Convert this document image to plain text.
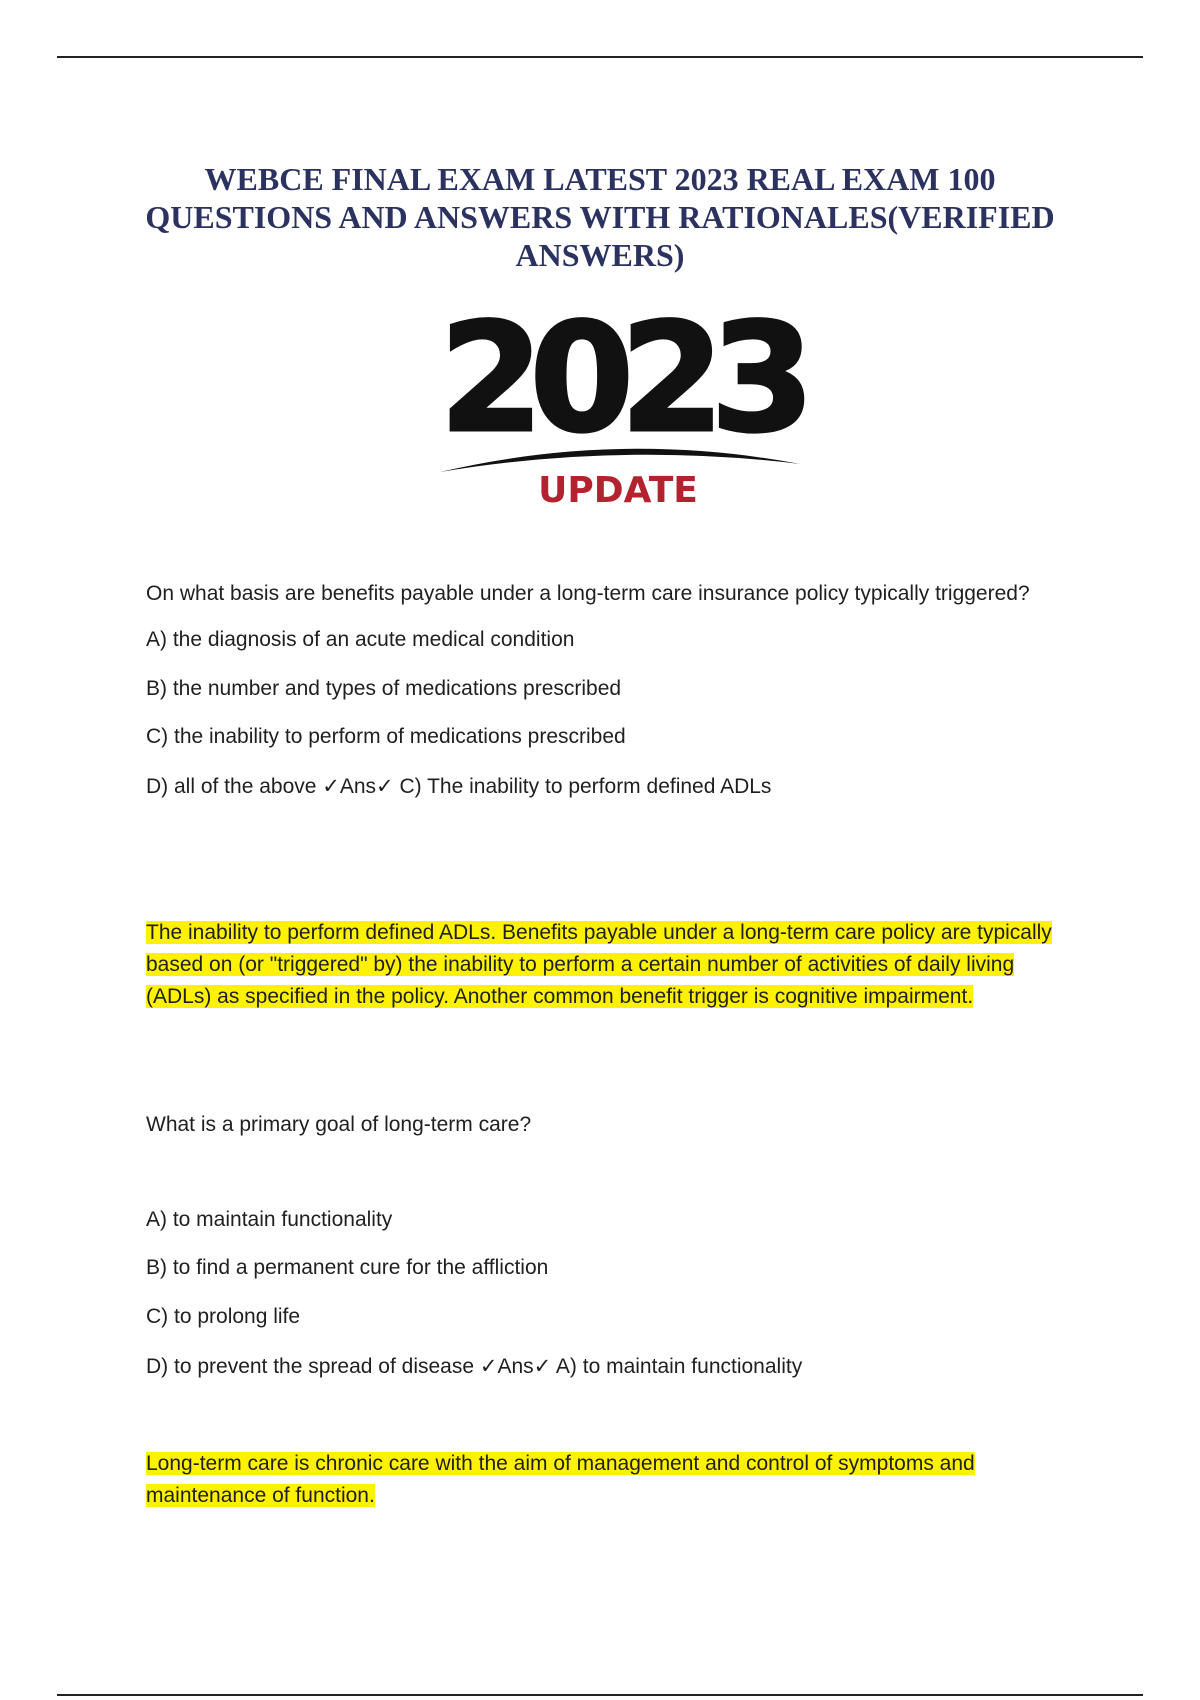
WEBCE FINAL EXAM LATEST 2023 REAL EXAM 100 QUESTIONS AND ANSWERS WITH RATIONALES(VERIFIED ANSWERS)
2023
UPDATE

On what basis are benefits payable under a long-term care insurance policy typically triggered?

A) the diagnosis of an acute medical condition

B) the number and types of medications prescribed

C) the inability to perform of medications prescribed

D) all of the above ✓Ans✓ C) The inability to perform defined ADLs

The inability to perform defined ADLs. Benefits payable under a long-term care policy are typically based on (or "triggered" by) the inability to perform a certain number of activities of daily living (ADLs) as specified in the policy. Another common benefit trigger is cognitive impairment.

What is a primary goal of long-term care?

A) to maintain functionality

B) to find a permanent cure for the affliction

C) to prolong life

D) to prevent the spread of disease ✓Ans✓ A) to maintain functionality

Long-term care is chronic care with the aim of management and control of symptoms and maintenance of function.
